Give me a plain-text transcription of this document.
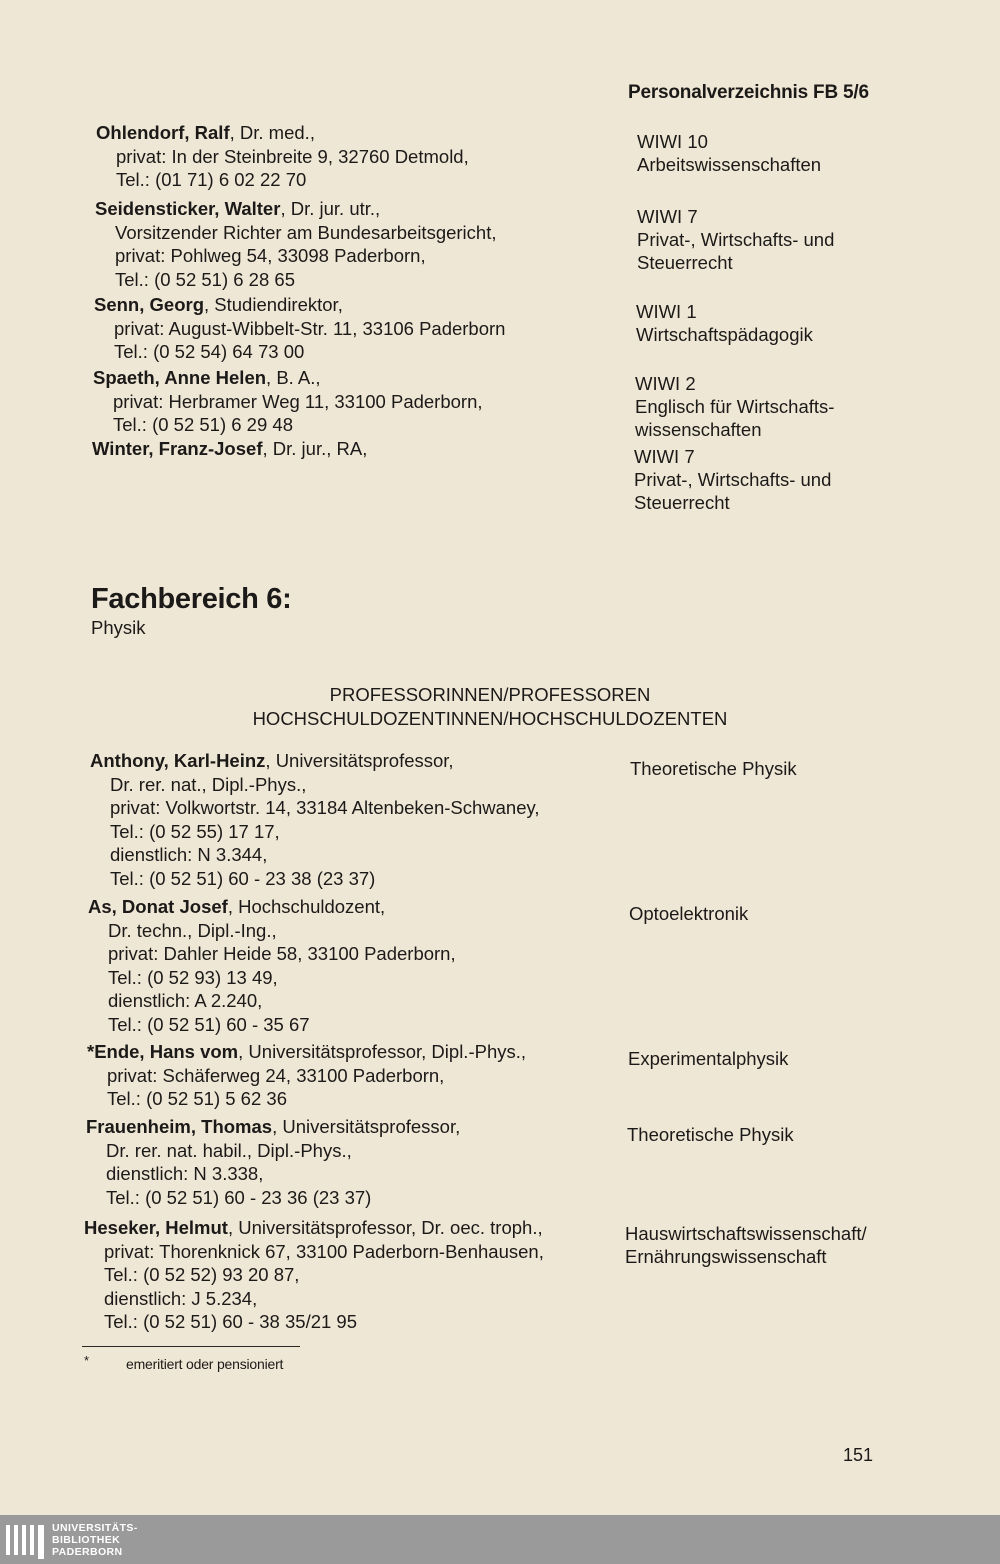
Personalverzeichnis FB 5/6
Ohlendorf, Ralf, Dr. med.,
privat: In der Steinbreite 9, 32760 Detmold,
Tel.: (01 71) 6 02 22 70
WIWI 10
Arbeitswissenschaften
Seidensticker, Walter, Dr. jur. utr.,
Vorsitzender Richter am Bundesarbeitsgericht,
privat: Pohlweg 54, 33098 Paderborn,
Tel.: (0 52 51) 6 28 65
WIWI 7
Privat-, Wirtschafts- und
Steuerrecht
Senn, Georg, Studiendirektor,
privat: August-Wibbelt-Str. 11, 33106 Paderborn
Tel.: (0 52 54) 64 73 00
WIWI 1
Wirtschaftspädagogik
Spaeth, Anne Helen, B. A.,
privat: Herbramer Weg 11, 33100 Paderborn,
Tel.: (0 52 51) 6 29 48
WIWI 2
Englisch für Wirtschafts-
wissenschaften
Winter, Franz-Josef, Dr. jur., RA,	WIWI 7
Privat-, Wirtschafts- und
Steuerrecht
Fachbereich 6:
Physik
PROFESSORINNEN/PROFESSOREN
HOCHSCHULDOZENTINNEN/HOCHSCHULDOZENTEN
Anthony, Karl-Heinz, Universitätsprofessor,
Dr. rer. nat., Dipl.-Phys.,
privat: Volkwortstr. 14, 33184 Altenbeken-Schwaney,
Tel.: (0 52 55) 17 17,
dienstlich: N 3.344,
Tel.: (0 52 51) 60 - 23 38 (23 37)
Theoretische Physik
As, Donat Josef, Hochschuldozent,
Dr. techn., Dipl.-Ing.,
privat: Dahler Heide 58, 33100 Paderborn,
Tel.: (0 52 93) 13 49,
dienstlich: A 2.240,
Tel.: (0 52 51) 60 - 35 67
Optoelektronik
*Ende, Hans vom, Universitätsprofessor, Dipl.-Phys.,
privat: Schäferweg 24, 33100 Paderborn,
Tel.: (0 52 51) 5 62 36
Experimentalphysik
Frauenheim, Thomas, Universitätsprofessor,
Dr. rer. nat. habil., Dipl.-Phys.,
dienstlich: N 3.338,
Tel.: (0 52 51) 60 - 23 36 (23 37)
Theoretische Physik
Heseker, Helmut, Universitätsprofessor, Dr. oec. troph.,
privat: Thorenknick 67, 33100 Paderborn-Benhausen,
Tel.: (0 52 52) 93 20 87,
dienstlich: J 5.234,
Tel.: (0 52 51) 60 - 38 35/21 95
Hauswirtschaftswissenschaft/
Ernährungswissenschaft
*	emeritiert oder pensioniert
151
UNIVERSITÄTS-
BIBLIOTHEK
PADERBORN
